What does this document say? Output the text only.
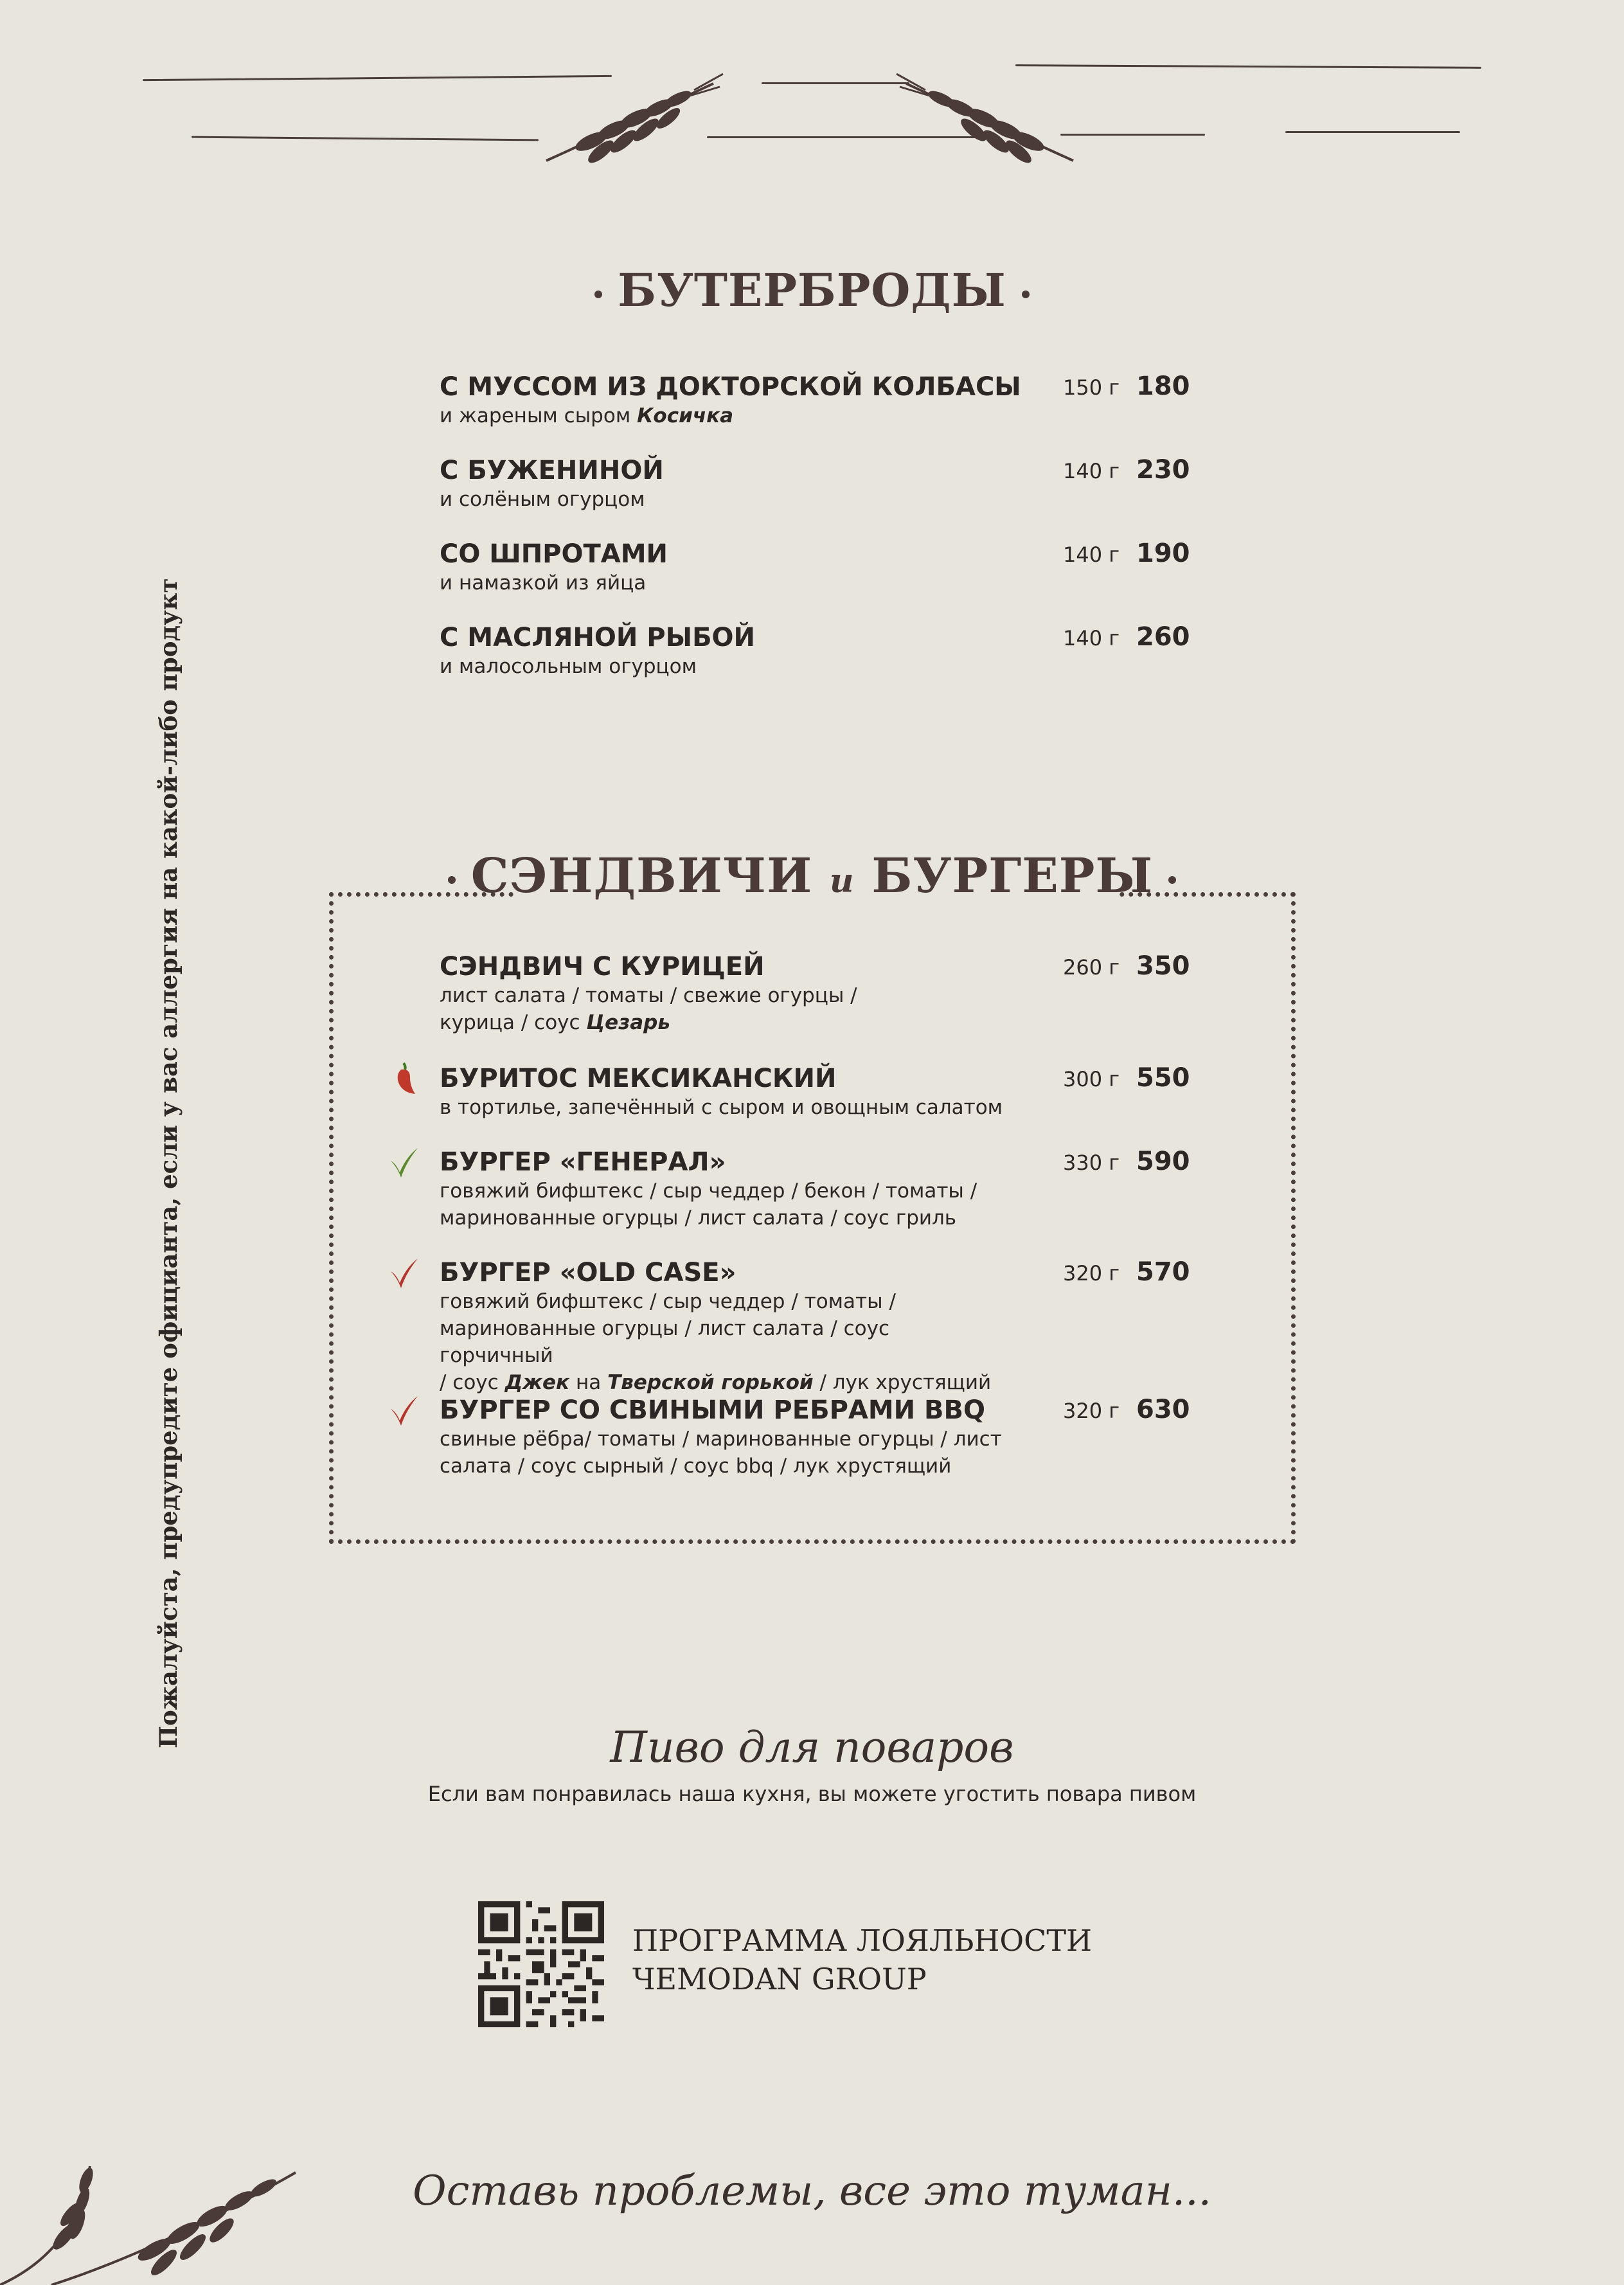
БУТЕРБРОДЫ
С МУССОМ ИЗ ДОКТОРСКОЙ КОЛБАСЫ
и жареным сыром Косичка
150 г 180
С БУЖЕНИНОЙ
и солёным огурцом
140 г 230
СО ШПРОТАМИ
и намазкой из яйца
140 г 190
С МАСЛЯНОЙ РЫБОЙ
и малосольным огурцом
140 г 260
СЭНДВИЧИ и БУРГЕРЫ
СЭНДВИЧ С КУРИЦЕЙ
лист салата / томаты / свежие огурцы /
курица / соус Цезарь
260 г 350
БУРИТОС МЕКСИКАНСКИЙ
в тортилье, запечённый с сыром и овощным салатом
300 г 550
БУРГЕР «ГЕНЕРАЛ»
говяжий бифштекс / сыр чеддер / бекон / томаты /
маринованные огурцы / лист салата / соус гриль
330 г 590
БУРГЕР «OLD CASE»
говяжий бифштекс / сыр чеддер / томаты /
маринованные огурцы / лист салата / соус горчичный
/ соус Джек на Тверской горькой / лук хрустящий
320 г 570
БУРГЕР СО СВИНЫМИ РЕБРАМИ BBQ
свиные рёбра/ томаты / маринованные огурцы / лист
салата / соус сырный / соус bbq / лук хрустящий
320 г 630
Пожалуйста, предупредите официанта, если у вас аллергия на какой-либо продукт	Пиво для поваров
Если вам понравилась наша кухня, вы можете угостить повара пивом
ПРОГРАММА ЛОЯЛЬНОСТИ
ЧЕMODAN GROUP
Оставь проблемы, все это туман...
